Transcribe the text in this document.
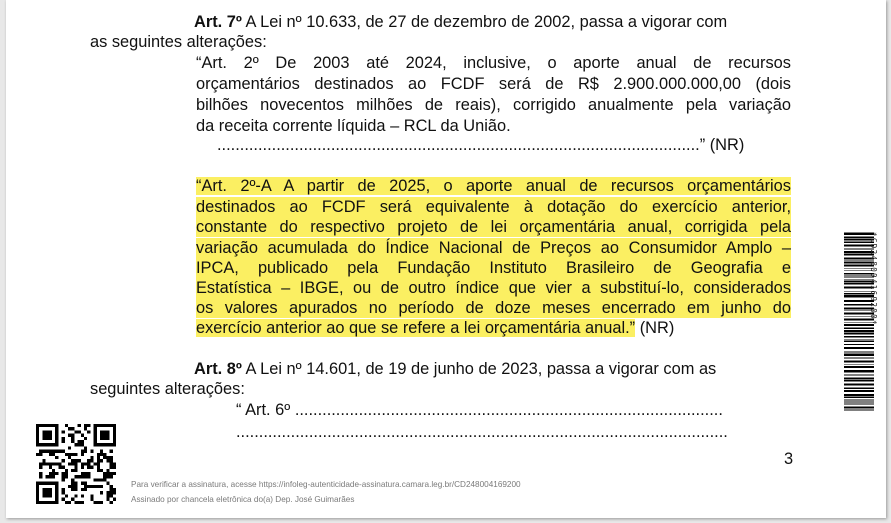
Art. 7º A Lei nº 10.633, de 27 de dezembro de 2002, passa a vigorar com
as seguintes alterações:
“Art. 2º De 2003 até 2024, inclusive, o aporte anual de recursos
orçamentários destinados ao FCDF será de R$ 2.900.000.000,00 (dois
bilhões novecentos milhões de reais), corrigido anualmente pela variação
da receita corrente líquida – RCL da União.
..........................................................................................................” (NR)
“Art. 2º-A A partir de 2025, o aporte anual de recursos orçamentários
destinados ao FCDF será equivalente à dotação do exercício anterior,
constante do respectivo projeto de lei orçamentária anual, corrigida pela
variação acumulada do Índice Nacional de Preços ao Consumidor Amplo –
IPCA, publicado pela Fundação Instituto Brasileiro de Geografia e
Estatística – IBGE, ou de outro índice que vier a substituí-lo, considerados
os valores apurados no período de doze meses encerrado em junho do
exercício anterior ao que se refere a lei orçamentária anual.” (NR)
Art. 8º A Lei nº 14.601, de 19 de junho de 2023, passa a vigorar com as
seguintes alterações:
“ Art. 6º ..............................................................................................
............................................................................................................
3
Para verificar a assinatura, acesse https://infoleg-autenticidade-assinatura.camara.leg.br/CD248004169200
Assinado por chancela eletrônica do(a) Dep. José Guimarães
*CD248004169200*
